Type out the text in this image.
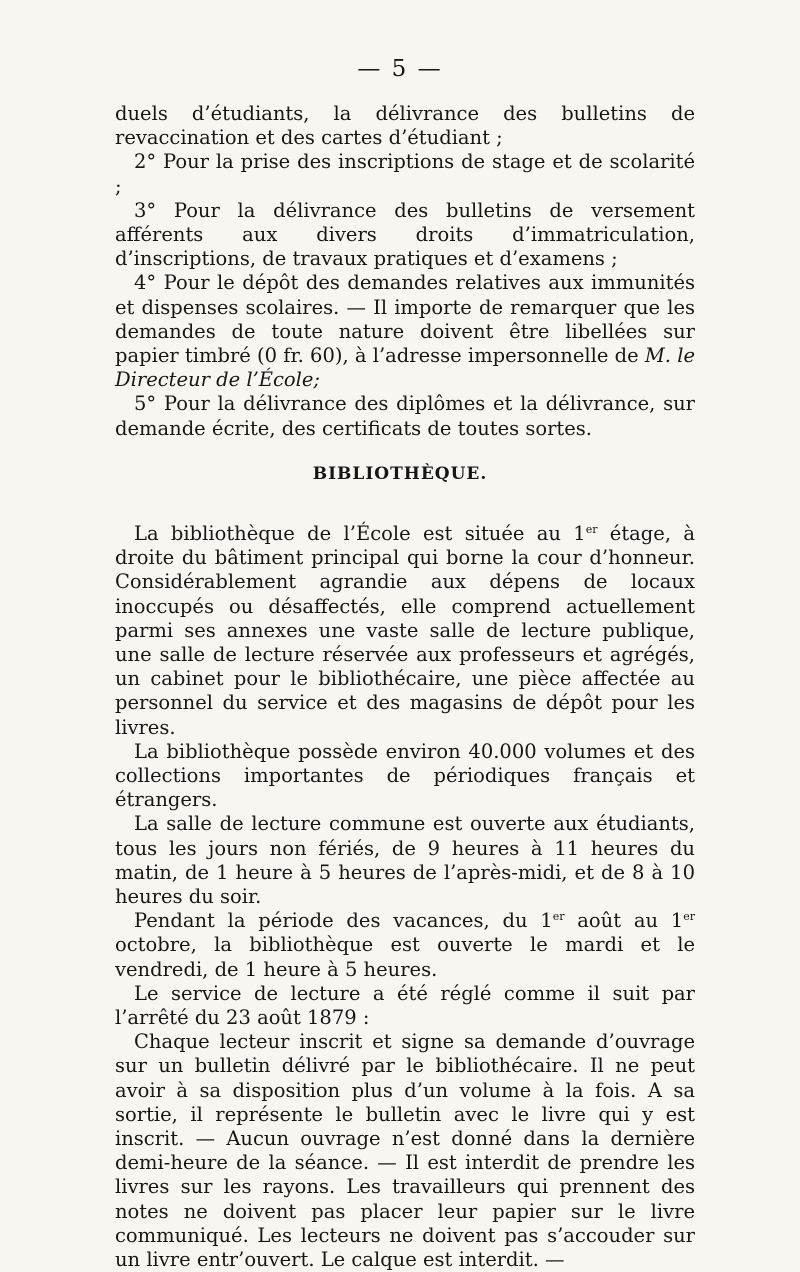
— 5 —

duels d’étudiants, la délivrance des bulletins de revaccination et des cartes d’étudiant ;

2° Pour la prise des inscriptions de stage et de scolarité ;

3° Pour la délivrance des bulletins de versement afférents aux divers droits d’immatriculation, d’inscriptions, de travaux pratiques et d’examens ;

4° Pour le dépôt des demandes relatives aux immunités et dispenses scolaires. — Il importe de remarquer que les demandes de toute nature doivent être libellées sur papier timbré (0 fr. 60), à l’adresse impersonnelle de M. le Directeur de l’École;

5° Pour la délivrance des diplômes et la délivrance, sur demande écrite, des certificats de toutes sortes.

BIBLIOTHÈQUE.

La bibliothèque de l’École est située au 1er étage, à droite du bâtiment principal qui borne la cour d’honneur. Considérablement agrandie aux dépens de locaux inoccupés ou désaffectés, elle comprend actuellement parmi ses annexes une vaste salle de lecture publique, une salle de lecture réservée aux professeurs et agrégés, un cabinet pour le bibliothécaire, une pièce affectée au personnel du service et des magasins de dépôt pour les livres.

La bibliothèque possède environ 40.000 volumes et des collections importantes de périodiques français et étrangers.

La salle de lecture commune est ouverte aux étudiants, tous les jours non fériés, de 9 heures à 11 heures du matin, de 1 heure à 5 heures de l’après-midi, et de 8 à 10 heures du soir.

Pendant la période des vacances, du 1er août au 1er octobre, la bibliothèque est ouverte le mardi et le vendredi, de 1 heure à 5 heures.

Le service de lecture a été réglé comme il suit par l’arrêté du 23 août 1879 :

Chaque lecteur inscrit et signe sa demande d’ouvrage sur un bulletin délivré par le bibliothécaire. Il ne peut avoir à sa disposition plus d’un volume à la fois. A sa sortie, il représente le bulletin avec le livre qui y est inscrit. — Aucun ouvrage n’est donné dans la dernière demi-heure de la séance. — Il est interdit de prendre les livres sur les rayons. Les travailleurs qui prennent des notes ne doivent pas placer leur papier sur le livre communiqué. Les lecteurs ne doivent pas s’accouder sur un livre entr’ouvert. Le calque est interdit. —
